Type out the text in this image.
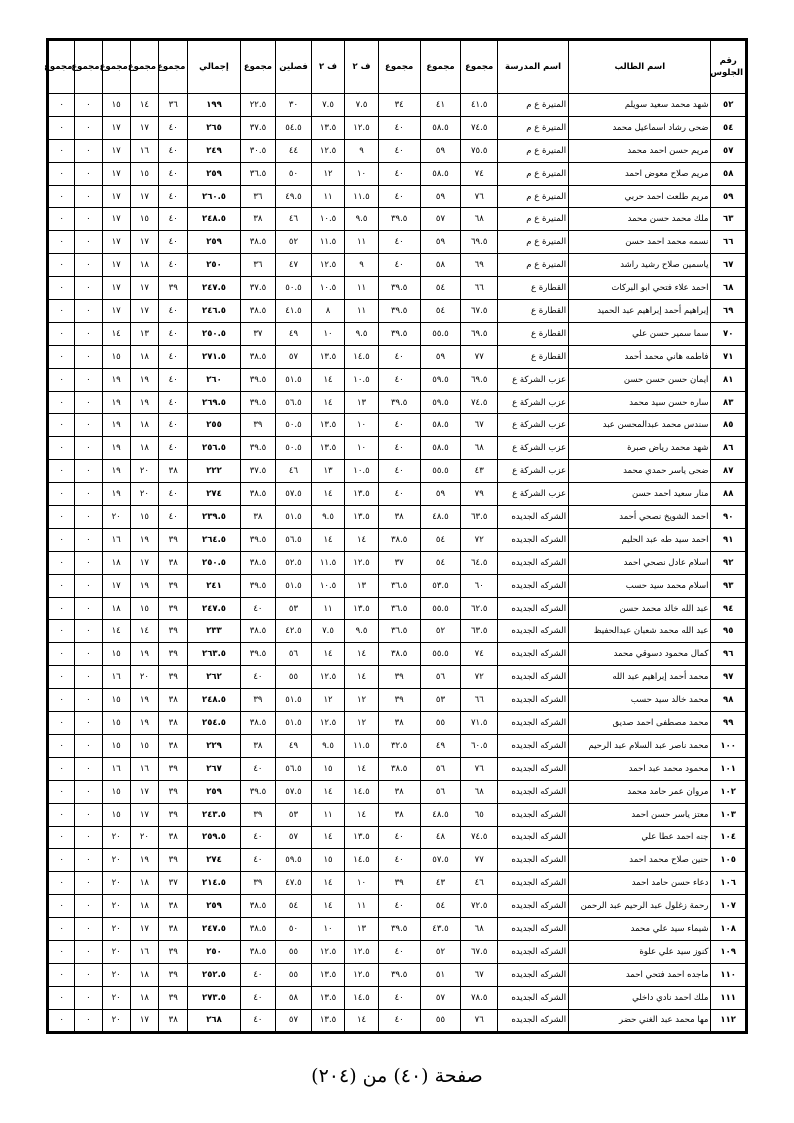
رقم الجلوس	اسم الطالب	اسم المدرسة	مجموع	مجموع	مجموع	ف ٢	ف ٢	فصلين	مجموع	إجمالي	مجموع	مجموع	مجموع	مجموع	مجموع
٥٢	شهد محمد سعيد سويلم	المنيرة ع م	٤١.٥	٤١	٣٤	٧.٥	٧.٥	٣٠	٢٢.٥	١٩٩	٣٦	١٤	١٥	٠	٠
٥٤	ضحى رشاد اسماعيل محمد	المنيرة ع م	٧٤.٥	٥٨.٥	٤٠	١٢.٥	١٣.٥	٥٤.٥	٣٧.٥	٢٦٥	٤٠	١٧	١٧	٠	٠
٥٧	مريم حسن احمد محمد	المنيرة ع م	٧٥.٥	٥٩	٤٠	٩	١٢.٥	٤٤	٣٠.٥	٢٤٩	٤٠	١٦	١٧	٠	٠
٥٨	مريم صلاح معوض احمد	المنيرة ع م	٧٤	٥٨.٥	٤٠	١٠	١٢	٥٠	٣٦.٥	٢٥٩	٤٠	١٥	١٧	٠	٠
٥٩	مريم طلعت احمد حربي	المنيرة ع م	٧٦	٥٩	٤٠	١١.٥	١١	٤٩.٥	٣٦	٢٦٠.٥	٤٠	١٧	١٧	٠	٠
٦٣	ملك محمد حسن محمد	المنيرة ع م	٦٨	٥٧	٣٩.٥	٩.٥	١٠.٥	٤٦	٣٨	٢٤٨.٥	٤٠	١٥	١٧	٠	٠
٦٦	نسمه محمد احمد حسن	المنيرة ع م	٦٩.٥	٥٩	٤٠	١١	١١.٥	٥٢	٣٨.٥	٢٥٩	٤٠	١٧	١٧	٠	٠
٦٧	ياسمين صلاح رشيد راشد	المنيرة ع م	٦٩	٥٨	٤٠	٩	١٢.٥	٤٧	٣٦	٢٥٠	٤٠	١٨	١٧	٠	٠
٦٨	احمد علاء فتحي ابو البركات	القطارة ع	٦٦	٥٤	٣٩.٥	١١	١٠.٥	٥٠.٥	٣٧.٥	٢٤٧.٥	٣٩	١٧	١٧	٠	٠
٦٩	إبراهيم أحمد إبراهيم عبد الحميد	القطارة ع	٦٧.٥	٥٤	٣٩.٥	١١	٨	٤١.٥	٣٨.٥	٢٤٦.٥	٤٠	١٧	١٧	٠	٠
٧٠	سما سمير حسن علي	القطارة ع	٦٩.٥	٥٥.٥	٣٩.٥	٩.٥	١٠	٤٩	٣٧	٢٥٠.٥	٤٠	١٣	١٤	٠	٠
٧١	فاطمه هاني محمد أحمد	القطارة ع	٧٧	٥٩	٤٠	١٤.٥	١٣.٥	٥٧	٣٨.٥	٢٧١.٥	٤٠	١٨	١٥	٠	٠
٨١	ايمان حسن حسن حسن	عزب الشركة ع	٦٩.٥	٥٩.٥	٤٠	١٠.٥	١٤	٥١.٥	٣٩.٥	٢٦٠	٤٠	١٩	١٩	٠	٠
٨٣	ساره حسن سيد محمد	عزب الشركة ع	٧٤.٥	٥٩.٥	٣٩.٥	١٣	١٤	٥٦.٥	٣٩.٥	٢٦٩.٥	٤٠	١٩	١٩	٠	٠
٨٥	سندس محمد عبدالمحسن عبد	عزب الشركة ع	٦٧	٥٨.٥	٤٠	١٠	١٣.٥	٥٠.٥	٣٩	٢٥٥	٤٠	١٨	١٩	٠	٠
٨٦	شهد محمد رياض صبرة	عزب الشركة ع	٦٨	٥٨.٥	٤٠	١٠	١٣.٥	٥٠.٥	٣٩.٥	٢٥٦.٥	٤٠	١٨	١٩	٠	٠
٨٧	ضحى ياسر حمدي محمد	عزب الشركة ع	٤٣	٥٥.٥	٤٠	١٠.٥	١٣	٤٦	٣٧.٥	٢٢٢	٣٨	٢٠	١٩	٠	٠
٨٨	منار سعيد احمد حسن	عزب الشركة ع	٧٩	٥٩	٤٠	١٣.٥	١٤	٥٧.٥	٣٨.٥	٢٧٤	٤٠	٢٠	١٩	٠	٠
٩٠	احمد الشويخ نصحي أحمد	الشركه الجديده	٦٣.٥	٤٨.٥	٣٨	١٣.٥	٩.٥	٥١.٥	٣٨	٢٣٩.٥	٤٠	١٥	٢٠	٠	٠
٩١	احمد سيد طه عبد الحليم	الشركه الجديده	٧٢	٥٤	٣٨.٥	١٤	١٤	٥٦.٥	٣٩.٥	٢٦٤.٥	٣٩	١٩	١٦	٠	٠
٩٢	اسلام عادل نصحي احمد	الشركه الجديده	٦٤.٥	٥٤	٣٧	١٢.٥	١١.٥	٥٢.٥	٣٨.٥	٢٥٠.٥	٣٨	١٧	١٨	٠	٠
٩٣	اسلام محمد سيد حسب	الشركه الجديده	٦٠	٥٣.٥	٣٦.٥	١٣	١٠.٥	٥١.٥	٣٩.٥	٢٤١	٣٩	١٩	١٧	٠	٠
٩٤	عبد الله خالد محمد حسن	الشركه الجديده	٦٢.٥	٥٥.٥	٣٦.٥	١٣.٥	١١	٥٣	٤٠	٢٤٧.٥	٣٩	١٥	١٨	٠	٠
٩٥	عبد الله محمد شعبان عبدالحفيظ	الشركه الجديده	٦٣.٥	٥٢	٣٦.٥	٩.٥	٧.٥	٤٢.٥	٣٨.٥	٢٣٣	٣٩	١٤	١٤	٠	٠
٩٦	كمال محمود دسوقي محمد	الشركه الجديده	٧٤	٥٥.٥	٣٨.٥	١٤	١٤	٥٦	٣٩.٥	٢٦٣.٥	٣٩	١٩	١٥	٠	٠
٩٧	محمد أحمد إبراهيم عبد الله	الشركه الجديده	٧٢	٥٦	٣٩	١٤	١٢.٥	٥٥	٤٠	٢٦٢	٣٩	٢٠	١٦	٠	٠
٩٨	محمد خالد سيد حسب	الشركه الجديده	٦٦	٥٣	٣٩	١٢	١٢	٥١.٥	٣٩	٢٤٨.٥	٣٨	١٩	١٥	٠	٠
٩٩	محمد مصطفى احمد صديق	الشركه الجديده	٧١.٥	٥٥	٣٨	١٢	١٢.٥	٥١.٥	٣٨.٥	٢٥٤.٥	٣٨	١٩	١٥	٠	٠
١٠٠	محمد ناصر عبد السلام عبد الرحيم	الشركه الجديده	٦٠.٥	٤٩	٣٢.٥	١١.٥	٩.٥	٤٩	٣٨	٢٢٩	٣٨	١٥	١٥	٠	٠
١٠١	محمود محمد عبد احمد	الشركه الجديده	٧٦	٥٦	٣٨.٥	١٤	١٥	٥٦.٥	٤٠	٢٦٧	٣٩	١٦	١٦	٠	٠
١٠٢	مروان عمر حامد محمد	الشركه الجديده	٦٨	٥٦	٣٨	١٤.٥	١٤	٥٧.٥	٣٩.٥	٢٥٩	٣٩	١٧	١٥	٠	٠
١٠٣	معتز ياسر حسن احمد	الشركه الجديده	٦٥	٤٨.٥	٣٨	١٤	١١	٥٣	٣٩	٢٤٣.٥	٣٩	١٧	١٥	٠	٠
١٠٤	جنه احمد عطا علي	الشركه الجديده	٧٤.٥	٤٨	٤٠	١٣.٥	١٤	٥٧	٤٠	٢٥٩.٥	٣٨	٢٠	٢٠	٠	٠
١٠٥	حنين صلاح محمد احمد	الشركه الجديده	٧٧	٥٧.٥	٤٠	١٤.٥	١٥	٥٩.٥	٤٠	٢٧٤	٣٩	١٩	٢٠	٠	٠
١٠٦	دعاء حسن حامد احمد	الشركه الجديده	٤٦	٤٣	٣٩	١٠	١٤	٤٧.٥	٣٩	٢١٤.٥	٣٧	١٨	٢٠	٠	٠
١٠٧	رحمة زغلول عبد الرحيم عبد الرحمن	الشركه الجديده	٧٢.٥	٥٤	٤٠	١١	١٤	٥٤	٣٨.٥	٢٥٩	٣٨	١٨	٢٠	٠	٠
١٠٨	شيماء سيد علي محمد	الشركه الجديده	٦٨	٤٣.٥	٣٩.٥	١٣	١٠	٥٠	٣٨.٥	٢٤٧.٥	٣٨	١٧	٢٠	٠	٠
١٠٩	كنوز سيد علي علوة	الشركه الجديده	٦٧.٥	٥٢	٤٠	١٢.٥	١٢.٥	٥٥	٣٨.٥	٢٥٠	٣٩	١٦	٢٠	٠	٠
١١٠	ماجده احمد فتحي احمد	الشركه الجديده	٦٧	٥١	٣٩.٥	١٢.٥	١٣.٥	٥٥	٤٠	٢٥٢.٥	٣٩	١٨	٢٠	٠	٠
١١١	ملك احمد نادي داخلي	الشركه الجديده	٧٨.٥	٥٧	٤٠	١٤.٥	١٣.٥	٥٨	٤٠	٢٧٣.٥	٣٩	١٨	٢٠	٠	٠
١١٢	مها محمد عبد الغني حضر	الشركه الجديده	٧٦	٥٥	٤٠	١٤	١٣.٥	٥٧	٤٠	٢٦٨	٣٨	١٧	٢٠	٠	٠
صفحة (٤٠) من (٢٠٤)
